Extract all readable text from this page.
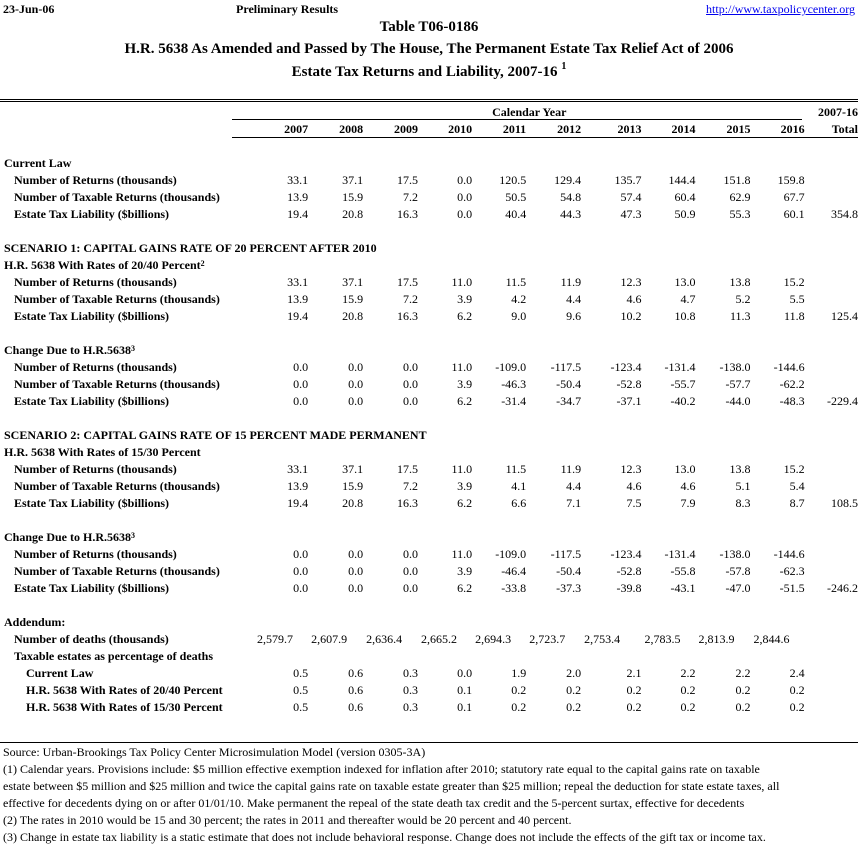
23-Jun-06	Preliminary Results	http://www.taxpolicycenter.org
Table T06-0186
H.R. 5638 As Amended and Passed by The House, The Permanent Estate Tax Relief Act of 2006
Estate Tax Returns and Liability, 2007-16 $^1$
	Calendar Year										2007-16
	2007	2008	2009	2010	2011	2012	2013	2014	2015	2016	Total

Current Law											
Number of Returns (thousands)	33.1	37.1	17.5	0.0	120.5	129.4	135.7	144.4	151.8	159.8	
Number of Taxable Returns (thousands)	13.9	15.9	7.2	0.0	50.5	54.8	57.4	60.4	62.9	67.7	
Estate Tax Liability ($billions)	19.4	20.8	16.3	0.0	40.4	44.3	47.3	50.9	55.3	60.1	354.8

SCENARIO 1: CAPITAL GAINS RATE OF 20 PERCENT AFTER 2010											
H.R. 5638 With Rates of 20/40 Percent$^2$
Number of Returns (thousands)	33.1	37.1	17.5	11.0	11.5	11.9	12.3	13.0	13.8	15.2	
Number of Taxable Returns (thousands)	13.9	15.9	7.2	3.9	4.2	4.4	4.6	4.7	5.2	5.5	
Estate Tax Liability ($billions)	19.4	20.8	16.3	6.2	9.0	9.6	10.2	10.8	11.3	11.8	125.4

Change Due to H.R.5638$^3$
Number of Returns (thousands)	0.0	0.0	0.0	11.0	-109.0	-117.5	-123.4	-131.4	-138.0	-144.6	
Number of Taxable Returns (thousands)	0.0	0.0	0.0	3.9	-46.3	-50.4	-52.8	-55.7	-57.7	-62.2	
Estate Tax Liability ($billions)	0.0	0.0	0.0	6.2	-31.4	-34.7	-37.1	-40.2	-44.0	-48.3	-229.4

SCENARIO 2: CAPITAL GAINS RATE OF 15 PERCENT MADE PERMANENT											
H.R. 5638 With Rates of 15/30 Percent											
Number of Returns (thousands)	33.1	37.1	17.5	11.0	11.5	11.9	12.3	13.0	13.8	15.2	
Number of Taxable Returns (thousands)	13.9	15.9	7.2	3.9	4.1	4.4	4.6	4.6	5.1	5.4	
Estate Tax Liability ($billions)	19.4	20.8	16.3	6.2	6.6	7.1	7.5	7.9	8.3	8.7	108.5

Change Due to H.R.5638$^3$
Number of Returns (thousands)	0.0	0.0	0.0	11.0	-109.0	-117.5	-123.4	-131.4	-138.0	-144.6	
Number of Taxable Returns (thousands)	0.0	0.0	0.0	3.9	-46.4	-50.4	-52.8	-55.8	-57.8	-62.3	
Estate Tax Liability ($billions)	0.0	0.0	0.0	6.2	-33.8	-37.3	-39.8	-43.1	-47.0	-51.5	-246.2

Addendum:											
Number of deaths (thousands)	2,579.7	2,607.9	2,636.4	2,665.2	2,694.3	2,723.7	2,753.4	2,783.5	2,813.9	2,844.6	
Taxable estates as percentage of deaths											
Current Law	0.5	0.6	0.3	0.0	1.9	2.0	2.1	2.2	2.2	2.4	
H.R. 5638 With Rates of 20/40 Percent	0.5	0.6	0.3	0.1	0.2	0.2	0.2	0.2	0.2	0.2	
H.R. 5638 With Rates of 15/30 Percent	0.5	0.6	0.3	0.1	0.2	0.2	0.2	0.2	0.2	0.2	
Source: Urban-Brookings Tax Policy Center Microsimulation Model (version 0305-3A)
(1) Calendar years. Provisions include: $5 million effective exemption indexed for inflation after 2010; statutory rate equal to the capital gains rate on taxable
estate between $5 million and $25 million and twice the capital gains rate on taxable estate greater than $25 million; repeal the deduction for state estate taxes, all
effective for decedents dying on or after 01/01/10. Make permanent the repeal of the state death tax credit and the 5-percent surtax, effective for decedents
(2) The rates in 2010 would be 15 and 30 percent; the rates in 2011 and thereafter would be 20 percent and 40 percent.
(3) Change in estate tax liability is a static estimate that does not include behavioral response. Change does not include the effects of the gift tax or income tax.
